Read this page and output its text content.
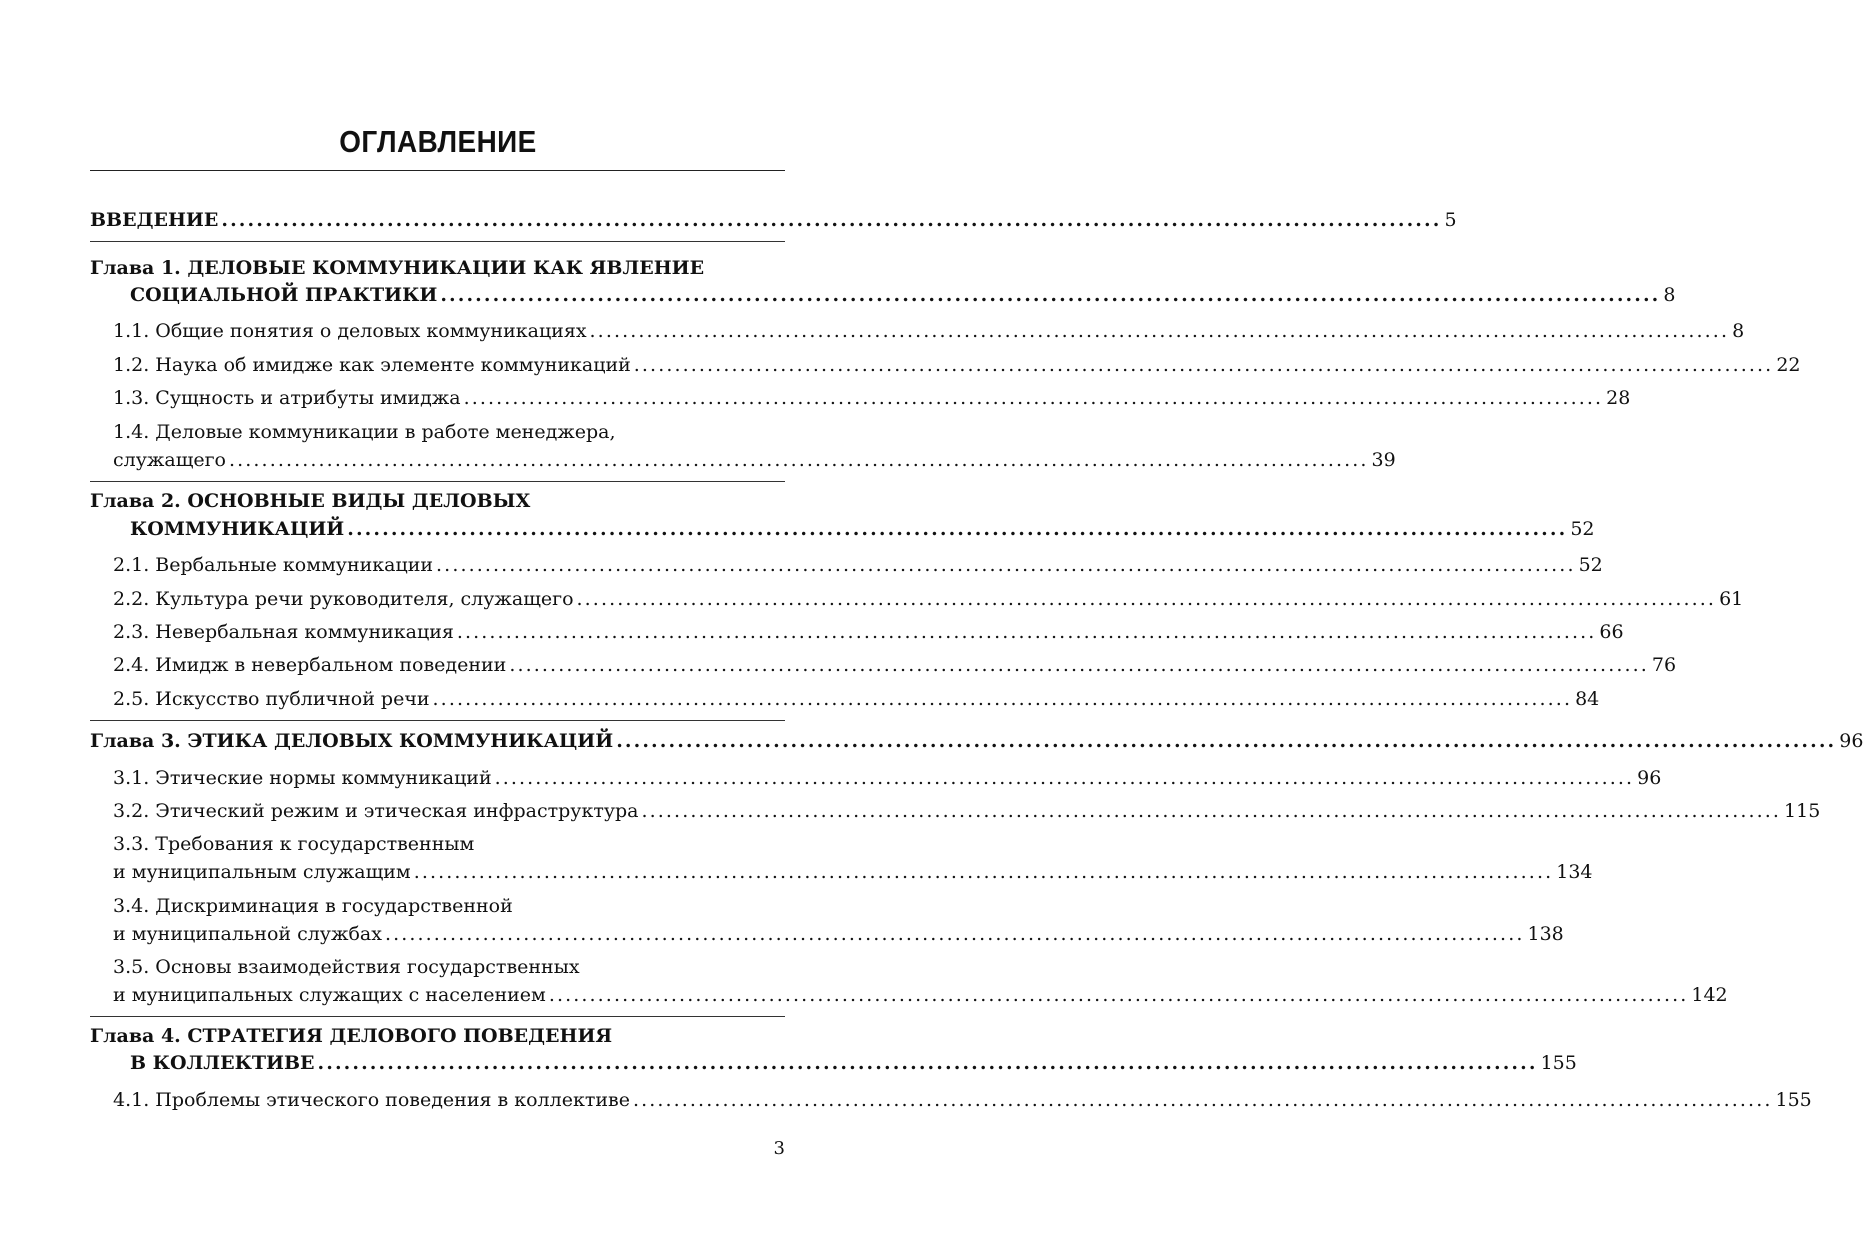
ОГЛАВЛЕНИЕ
ВВЕДЕНИЕ ............................................................................................................................................ 5
Глава 1. ДЕЛОВЫЕ КОММУНИКАЦИИ КАК ЯВЛЕНИЕ
СОЦИАЛЬНОЙ ПРАКТИКИ ............................................................................................................................................ 8
1.1. Общие понятия о деловых коммуникациях ............................................................................................................................................ 8
1.2. Наука об имидже как элементе коммуникаций ............................................................................................................................................ 22
1.3. Сущность и атрибуты имиджа ............................................................................................................................................ 28
1.4. Деловые коммуникации в работе менеджера,
служащего ............................................................................................................................................ 39
Глава 2. ОСНОВНЫЕ ВИДЫ ДЕЛОВЫХ
КОММУНИКАЦИЙ ............................................................................................................................................ 52
2.1. Вербальные коммуникации ............................................................................................................................................ 52
2.2. Культура речи руководителя, служащего ............................................................................................................................................ 61
2.3. Невербальная коммуникация ............................................................................................................................................ 66
2.4. Имидж в невербальном поведении ............................................................................................................................................ 76
2.5. Искусство публичной речи ............................................................................................................................................ 84
Глава 3. ЭТИКА ДЕЛОВЫХ КОММУНИКАЦИЙ ............................................................................................................................................ 96
3.1. Этические нормы коммуникаций ............................................................................................................................................ 96
3.2. Этический режим и этическая инфраструктура ............................................................................................................................................ 115
3.3. Требования к государственным
и муниципальным служащим ............................................................................................................................................ 134
3.4. Дискриминация в государственной
и муниципальной службах ............................................................................................................................................ 138
3.5. Основы взаимодействия государственных
и муниципальных служащих с населением ............................................................................................................................................ 142
Глава 4. СТРАТЕГИЯ ДЕЛОВОГО ПОВЕДЕНИЯ
В КОЛЛЕКТИВЕ ............................................................................................................................................ 155
4.1. Проблемы этического поведения в коллективе ............................................................................................................................................ 155
3
